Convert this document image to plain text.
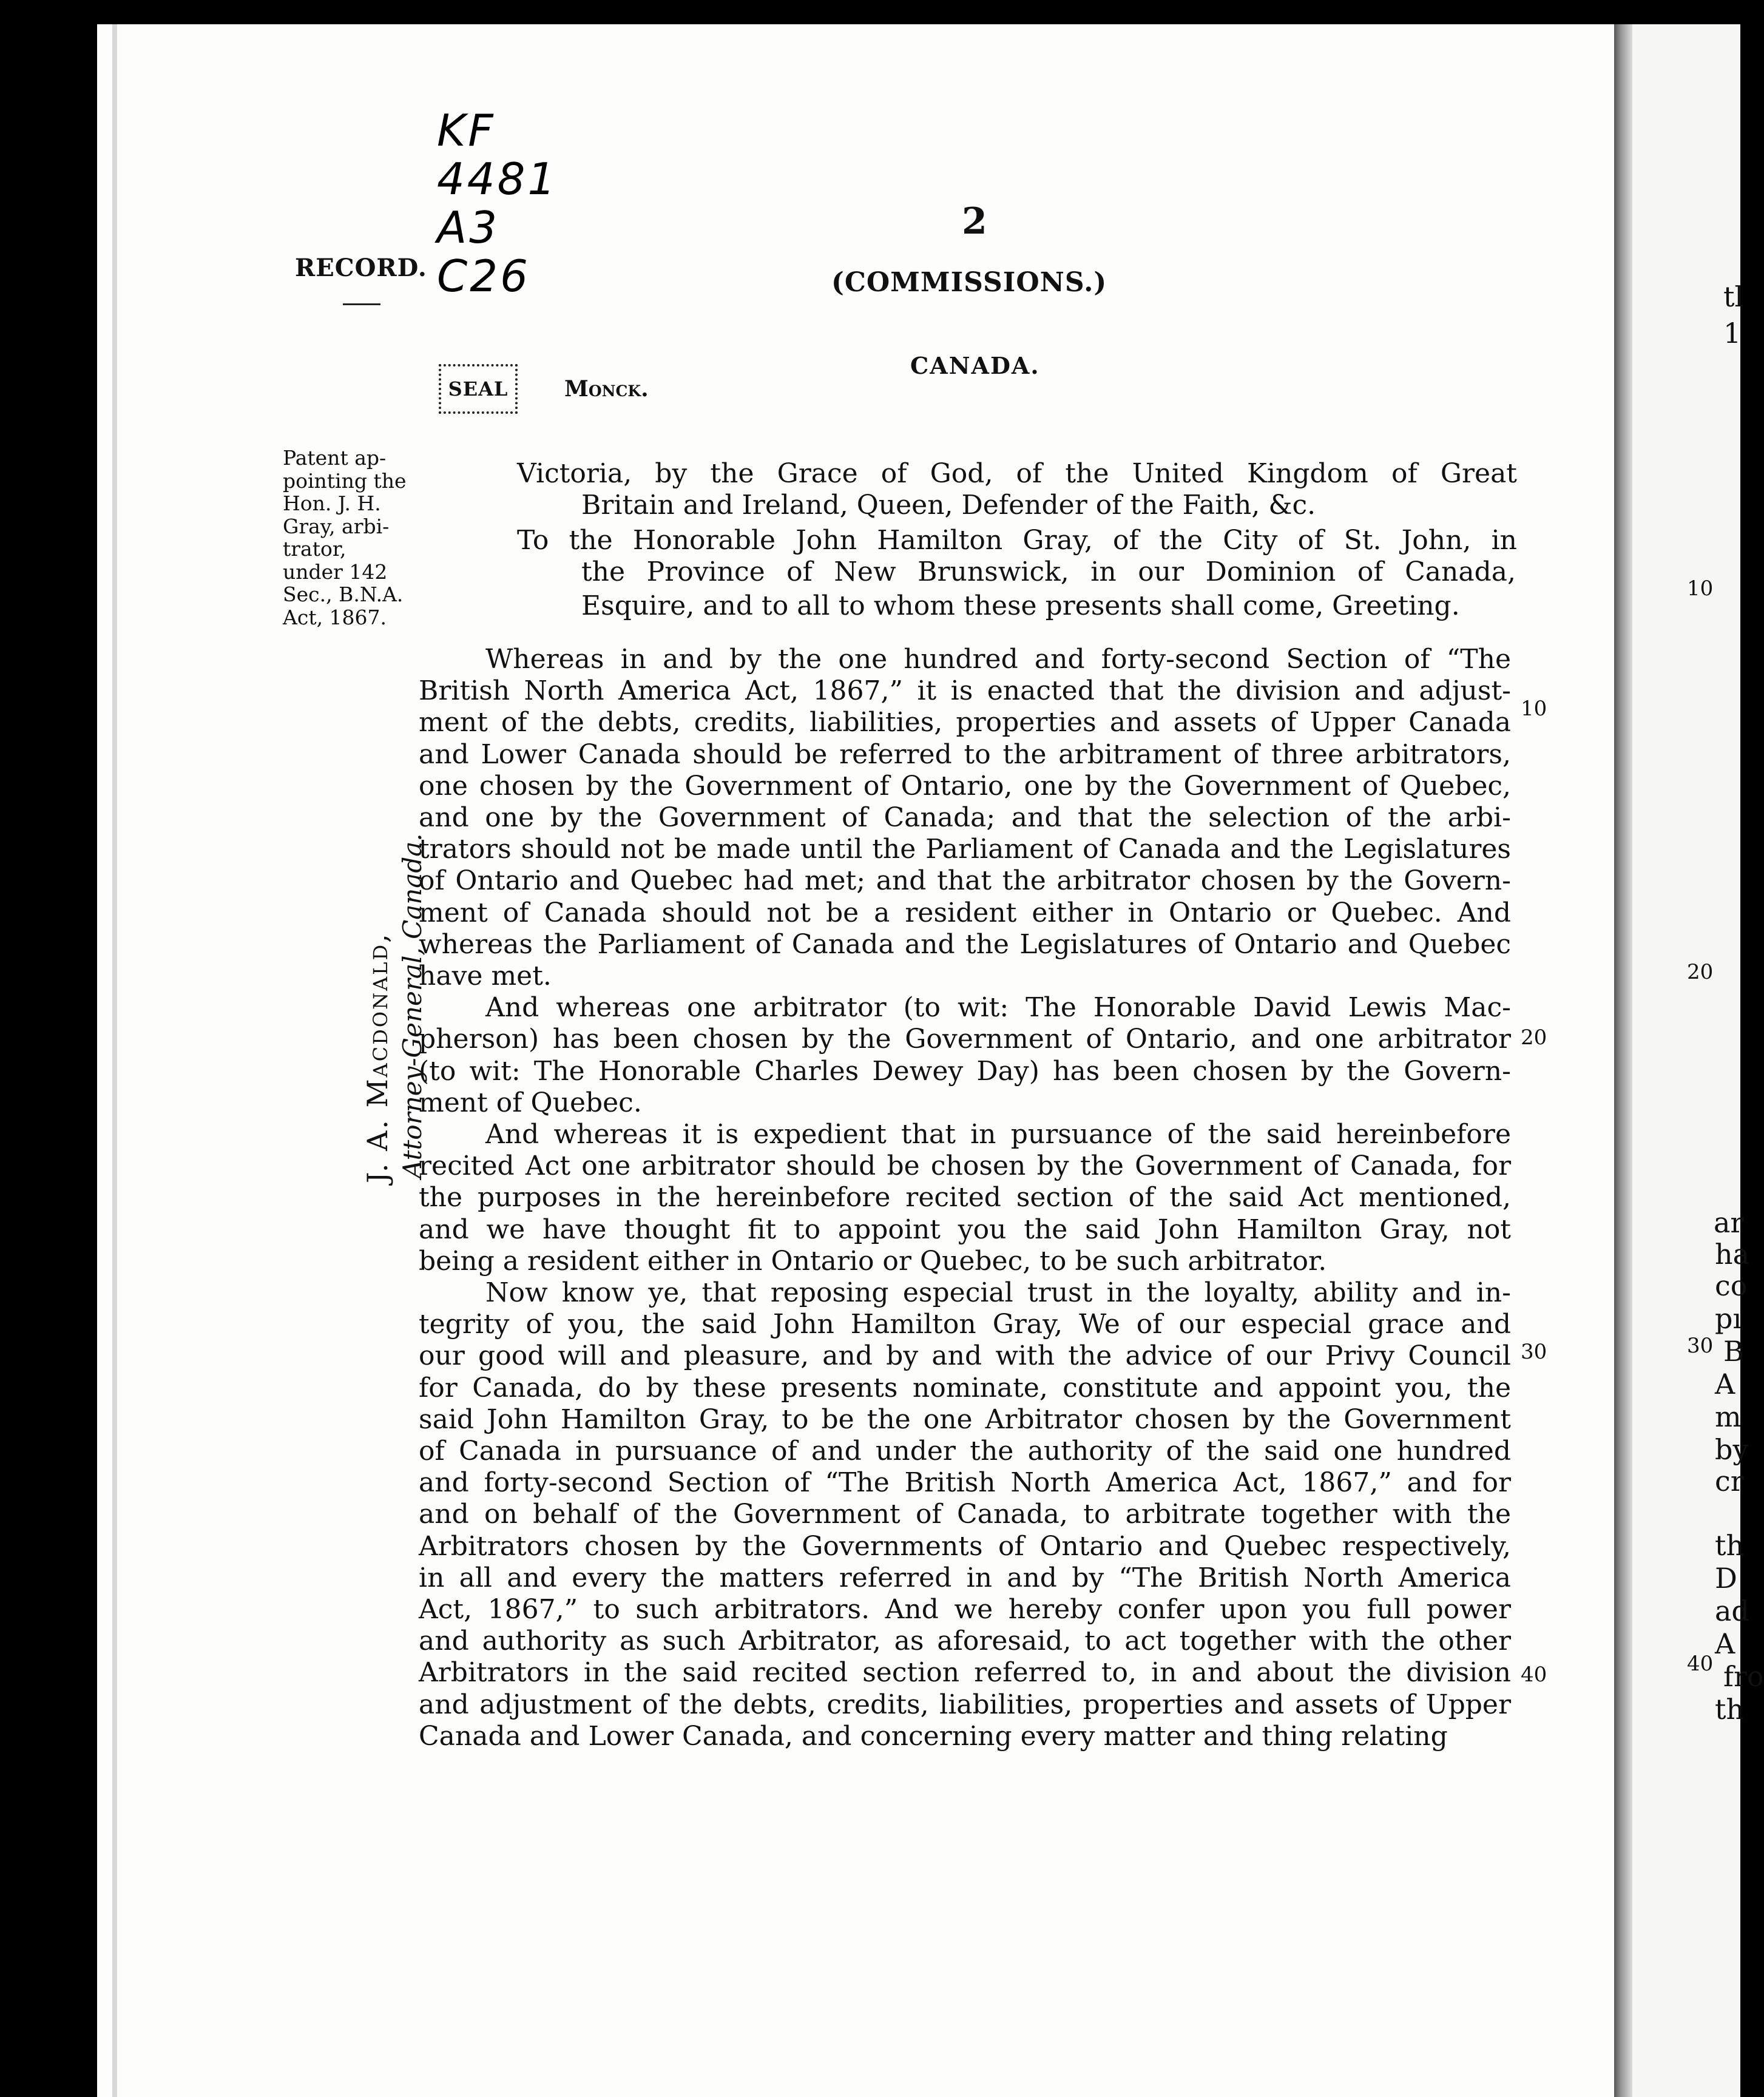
KF
4481
A3
C26
RECORD.
2
(COMMISSIONS.)
CANADA.
SEAL	Monck.
Patent ap-
pointing the
Hon. J. H.
Gray, arbi-
trator,
under 142
Sec., B.N.A.
Act, 1867.
J. A. Macdonald, Attorney-General, Canada.
Victoria, by the Grace of God, of the United Kingdom of Great
Britain and Ireland, Queen, Defender of the Faith, &c.
To the Honorable John Hamilton Gray, of the City of St. John, in
the Province of New Brunswick, in our Dominion of Canada,
Esquire, and to all to whom these presents shall come, Greeting.
Whereas in and by the one hundred and forty-second Section of “The
British North America Act, 1867,” it is enacted that the division and adjust-
ment of the debts, credits, liabilities, properties and assets of Upper Canada
and Lower Canada should be referred to the arbitrament of three arbitrators,
one chosen by the Government of Ontario, one by the Government of Quebec,
and one by the Government of Canada; and that the selection of the arbi-
trators should not be made until the Parliament of Canada and the Legislatures
of Ontario and Quebec had met; and that the arbitrator chosen by the Govern-
ment of Canada should not be a resident either in Ontario or Quebec. And
whereas the Parliament of Canada and the Legislatures of Ontario and Quebec
have met.
And whereas one arbitrator (to wit: The Honorable David Lewis Mac-
pherson) has been chosen by the Government of Ontario, and one arbitrator
(to wit: The Honorable Charles Dewey Day) has been chosen by the Govern-
ment of Quebec.
And whereas it is expedient that in pursuance of the said hereinbefore
recited Act one arbitrator should be chosen by the Government of Canada, for
the purposes in the hereinbefore recited section of the said Act mentioned,
and we have thought fit to appoint you the said John Hamilton Gray, not
being a resident either in Ontario or Quebec, to be such arbitrator.
Now know ye, that reposing especial trust in the loyalty, ability and in-
tegrity of you, the said John Hamilton Gray, We of our especial grace and
our good will and pleasure, and by and with the advice of our Privy Council
for Canada, do by these presents nominate, constitute and appoint you, the
said John Hamilton Gray, to be the one Arbitrator chosen by the Government
of Canada in pursuance of and under the authority of the said one hundred
and forty-second Section of “The British North America Act, 1867,” and for
and on behalf of the Government of Canada, to arbitrate together with the
Arbitrators chosen by the Governments of Ontario and Quebec respectively,
in all and every the matters referred in and by “The British North America
Act, 1867,” to such arbitrators. And we hereby confer upon you full power
and authority as such Arbitrator, as aforesaid, to act together with the other
Arbitrators in the said recited section referred to, in and about the division
and adjustment of the debts, credits, liabilities, properties and assets of Upper
Canada and Lower Canada, and concerning every matter and thing relating
10
20
30
40
10
20
30
40
tl
1
ar
ha
co
pı
B
A
m
by
cr
th
D
ad
A
fro
th
